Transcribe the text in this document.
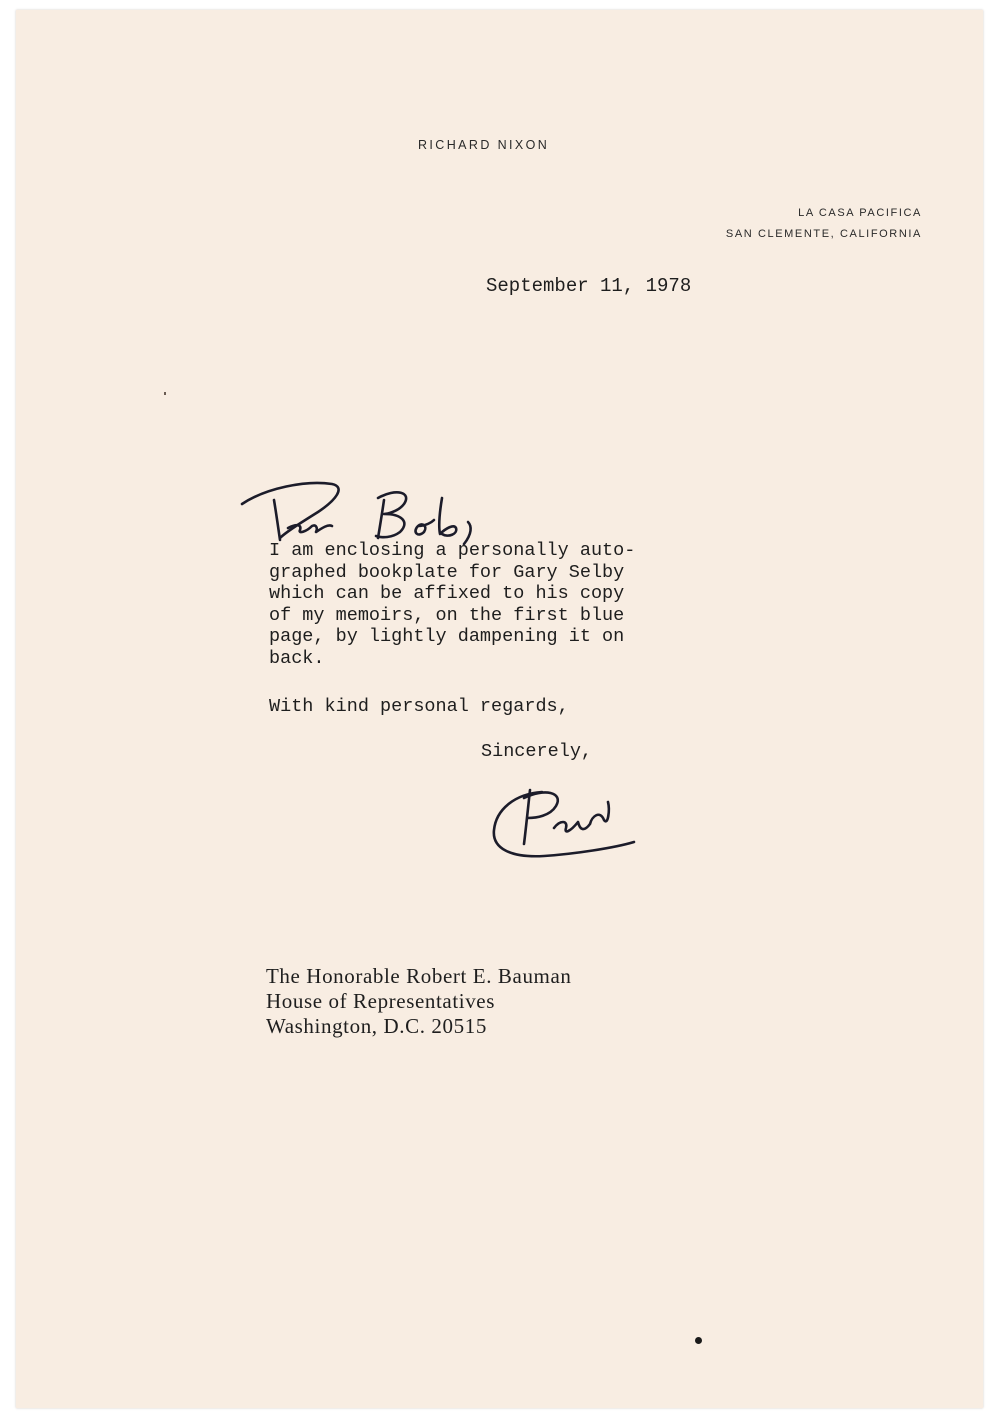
RICHARD NIXON
LA CASA PACIFICA
SAN CLEMENTE, CALIFORNIA
September 11, 1978
I am enclosing a personally auto-
graphed bookplate for Gary Selby
which can be affixed to his copy
of my memoirs, on the first blue
page, by lightly dampening it on
back.
With kind personal regards,
Sincerely,
The Honorable Robert E. Bauman
House of Representatives
Washington, D.C. 20515
